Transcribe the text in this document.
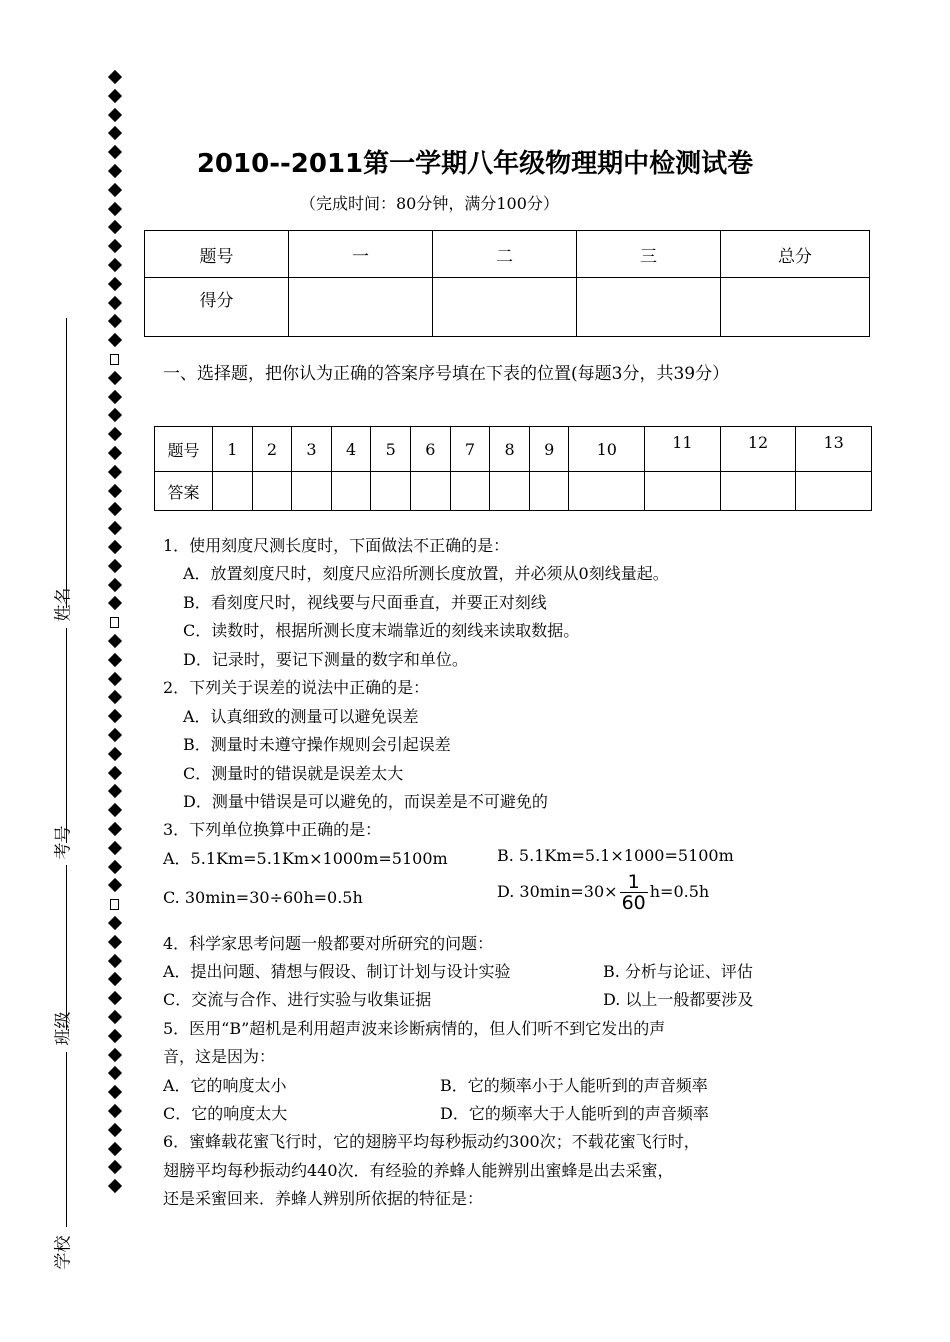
姓名
考号
班级
学校
2010--2011第一学期八年级物理期中检测试卷
（完成时间：80分钟，满分100分）
题号	一	二	三	总分
得分				
一、选择题，把你认为正确的答案序号填在下表的位置(每题3分，共39分）
题号	1	2	3	4	5	6	7	8	9	10	11	12	13
答案													
1．使用刻度尺测长度时，下面做法不正确的是：
A．放置刻度尺时，刻度尺应沿所测长度放置，并必须从0刻线量起。
B．看刻度尺时，视线要与尺面垂直，并要正对刻线
C．读数时，根据所测长度末端靠近的刻线来读取数据。
D．记录时，要记下测量的数字和单位。
2．下列关于误差的说法中正确的是：
A．认真细致的测量可以避免误差
B．测量时未遵守操作规则会引起误差
C．测量时的错误就是误差太大
D．测量中错误是可以避免的，而误差是不可避免的
3．下列单位换算中正确的是：
A．5.1Km=5.1Km×1000m=5100m	B. 5.1Km=5.1×1000=5100m
C. 30min=30÷60h=0.5h	D. $30\min=30\times \frac{1}{60} h=0.5h$
4．科学家思考问题一般都要对所研究的问题：
A．提出问题、猜想与假设、制订计划与设计实验	B. 分析与论证、评估
C．交流与合作、进行实验与收集证据	D. 以上一般都要涉及
5．医用“B”超机是利用超声波来诊断病情的，但人们听不到它发出的声
音，这是因为：
A．它的响度太小	B．它的频率小于人能听到的声音频率
C．它的响度太大	D．它的频率大于人能听到的声音频率
6．蜜蜂载花蜜飞行时，它的翅膀平均每秒振动约300次；不载花蜜飞行时，
翅膀平均每秒振动约440次．有经验的养蜂人能辨别出蜜蜂是出去采蜜，
还是采蜜回来．养蜂人辨别所依据的特征是：
